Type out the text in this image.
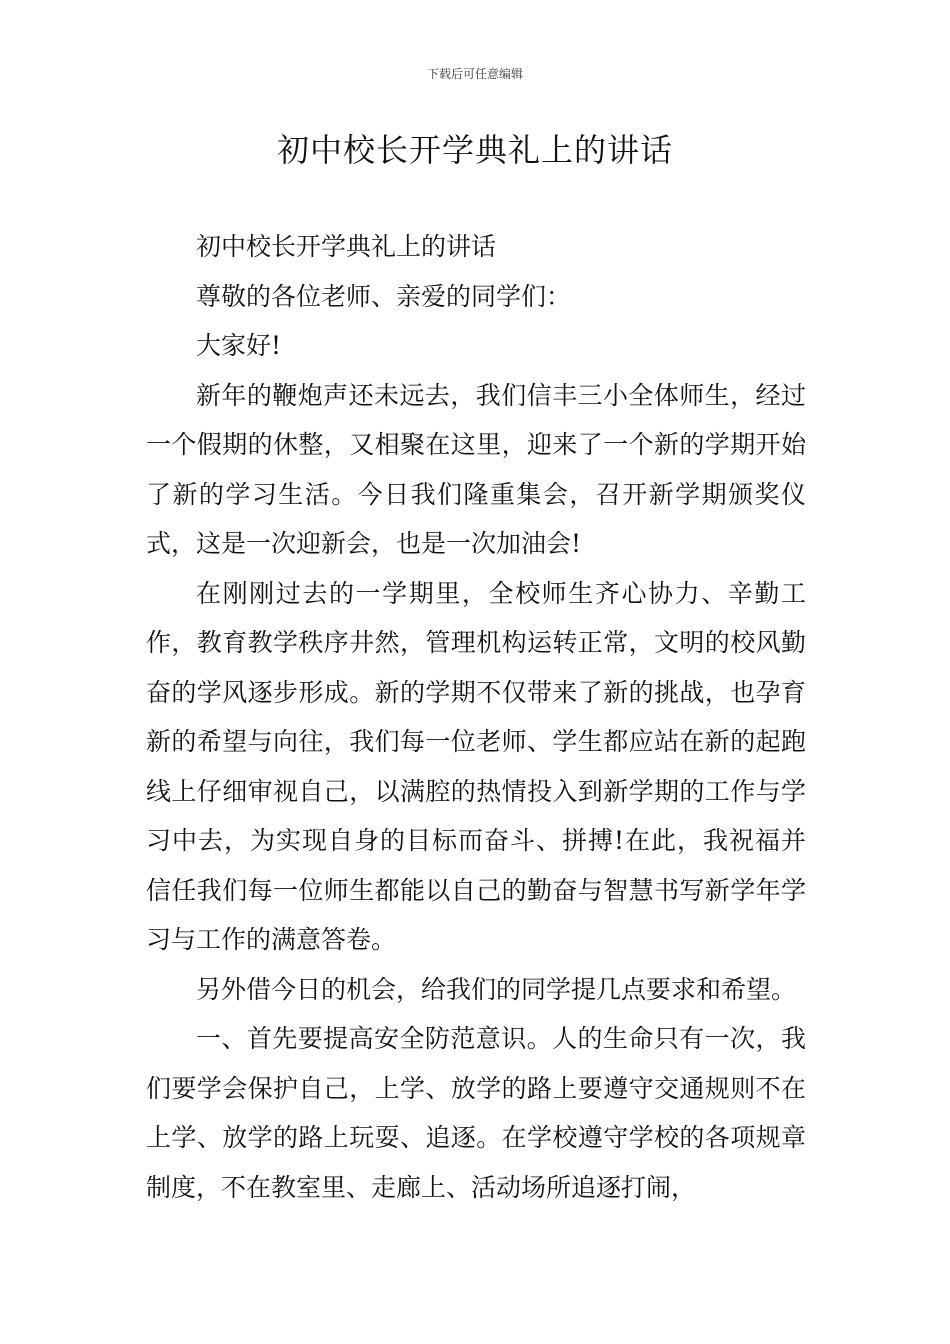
下载后可任意编辑
初中校长开学典礼上的讲话

初中校长开学典礼上的讲话

尊敬的各位老师、亲爱的同学们：

大家好!

新年的鞭炮声还未远去，我们信丰三小全体师生，经过一个假期的休整，又相聚在这里，迎来了一个新的学期开始了新的学习生活。今日我们隆重集会，召开新学期颁奖仪式，这是一次迎新会，也是一次加油会!

在刚刚过去的一学期里，全校师生齐心协力、辛勤工作，教育教学秩序井然，管理机构运转正常，文明的校风勤奋的学风逐步形成。新的学期不仅带来了新的挑战，也孕育新的希望与向往，我们每一位老师、学生都应站在新的起跑线上仔细审视自己，以满腔的热情投入到新学期的工作与学习中去，为实现自身的目标而奋斗、拼搏!在此，我祝福并信任我们每一位师生都能以自己的勤奋与智慧书写新学年学习与工作的满意答卷。

另外借今日的机会，给我们的同学提几点要求和希望。

一、首先要提高安全防范意识。人的生命只有一次，我们要学会保护自己，上学、放学的路上要遵守交通规则不在上学、放学的路上玩耍、追逐。在学校遵守学校的各项规章制度，不在教室里、走廊上、活动场所追逐打闹，
